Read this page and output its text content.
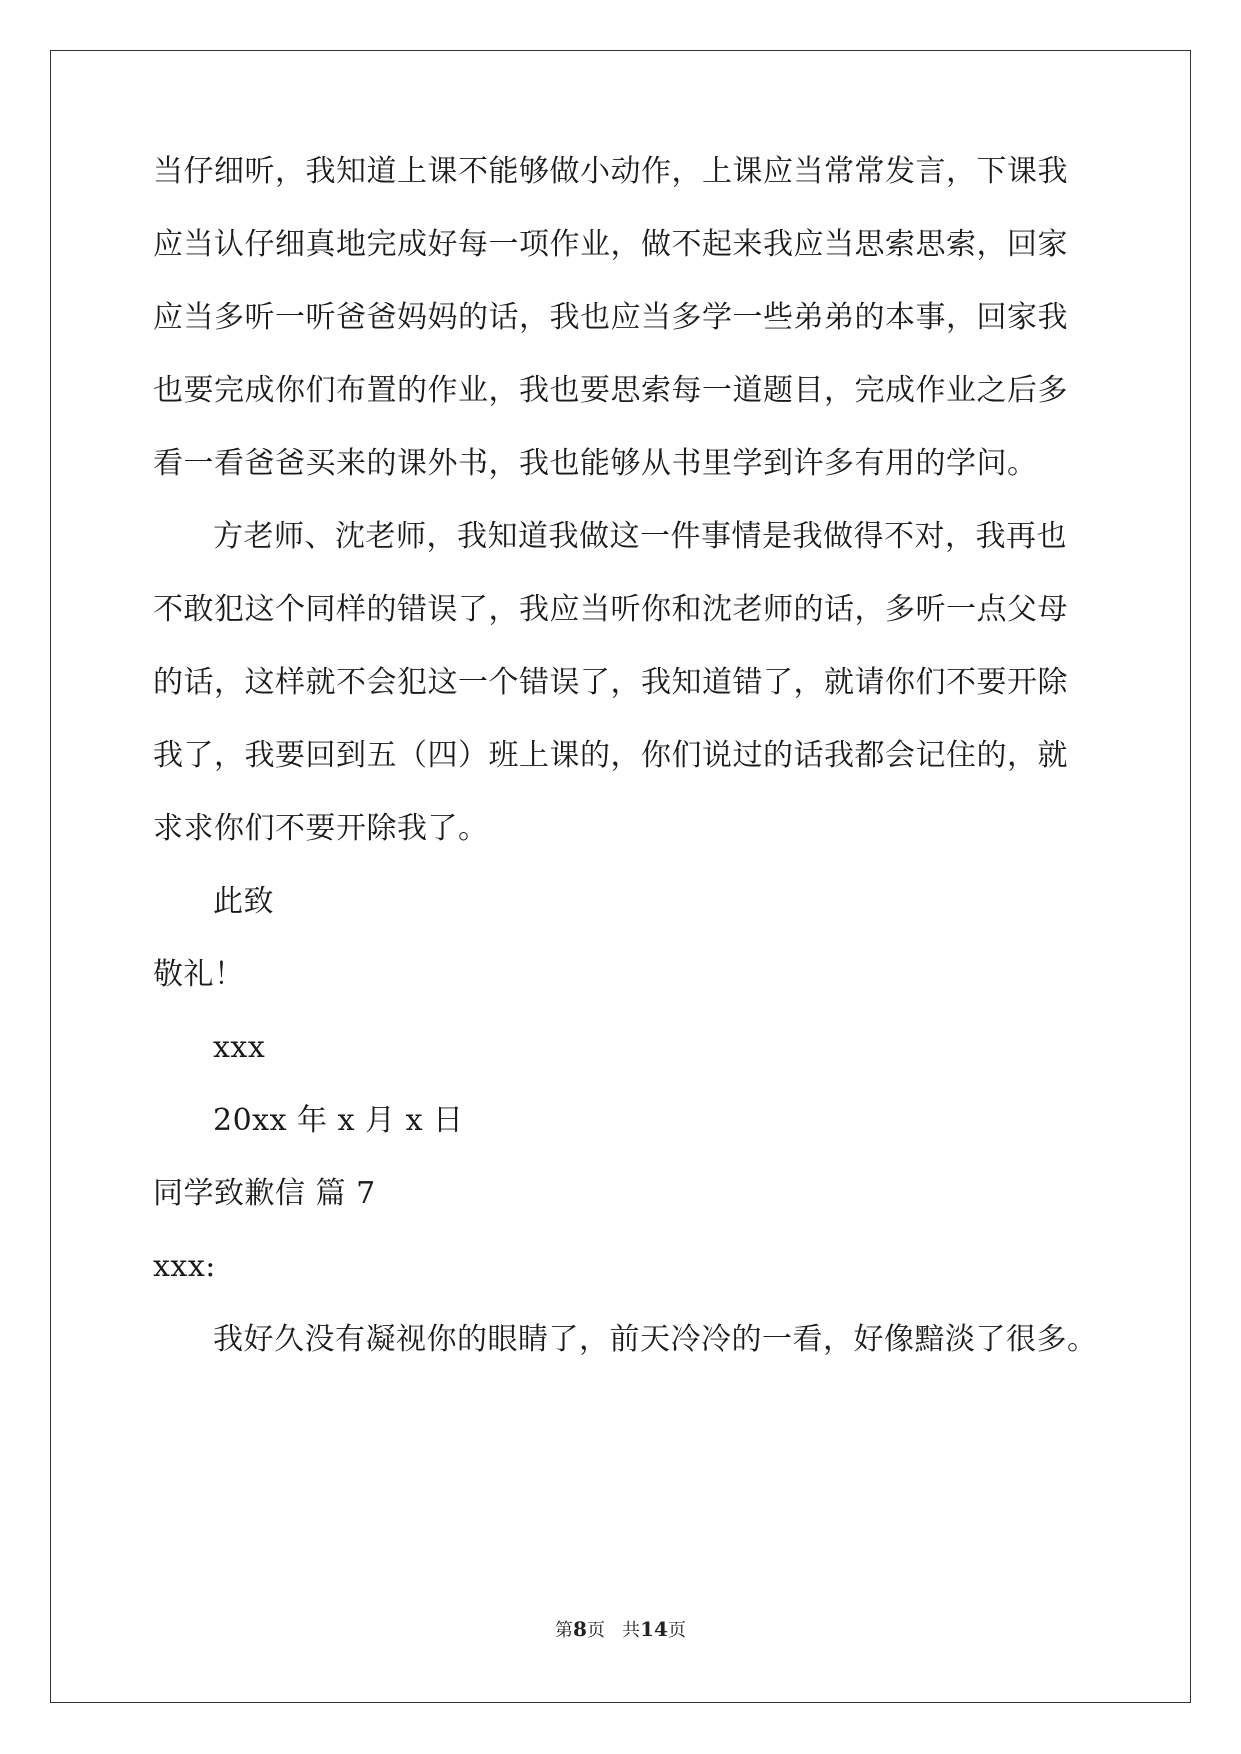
当仔细听，我知道上课不能够做小动作，上课应当常常发言，下课我
应当认仔细真地完成好每一项作业，做不起来我应当思索思索，回家
应当多听一听爸爸妈妈的话，我也应当多学一些弟弟的本事，回家我
也要完成你们布置的作业，我也要思索每一道题目，完成作业之后多
看一看爸爸买来的课外书，我也能够从书里学到许多有用的学问。
方老师、沈老师，我知道我做这一件事情是我做得不对，我再也
不敢犯这个同样的错误了，我应当听你和沈老师的话，多听一点父母
的话，这样就不会犯这一个错误了，我知道错了，就请你们不要开除
我了，我要回到五（四）班上课的，你们说过的话我都会记住的，就
求求你们不要开除我了。
此致
敬礼！
xxx
20xx 年 x 月 x 日
同学致歉信 篇 7
xxx:
我好久没有凝视你的眼睛了，前天冷冷的一看，好像黯淡了很多。
第8页 共14页
